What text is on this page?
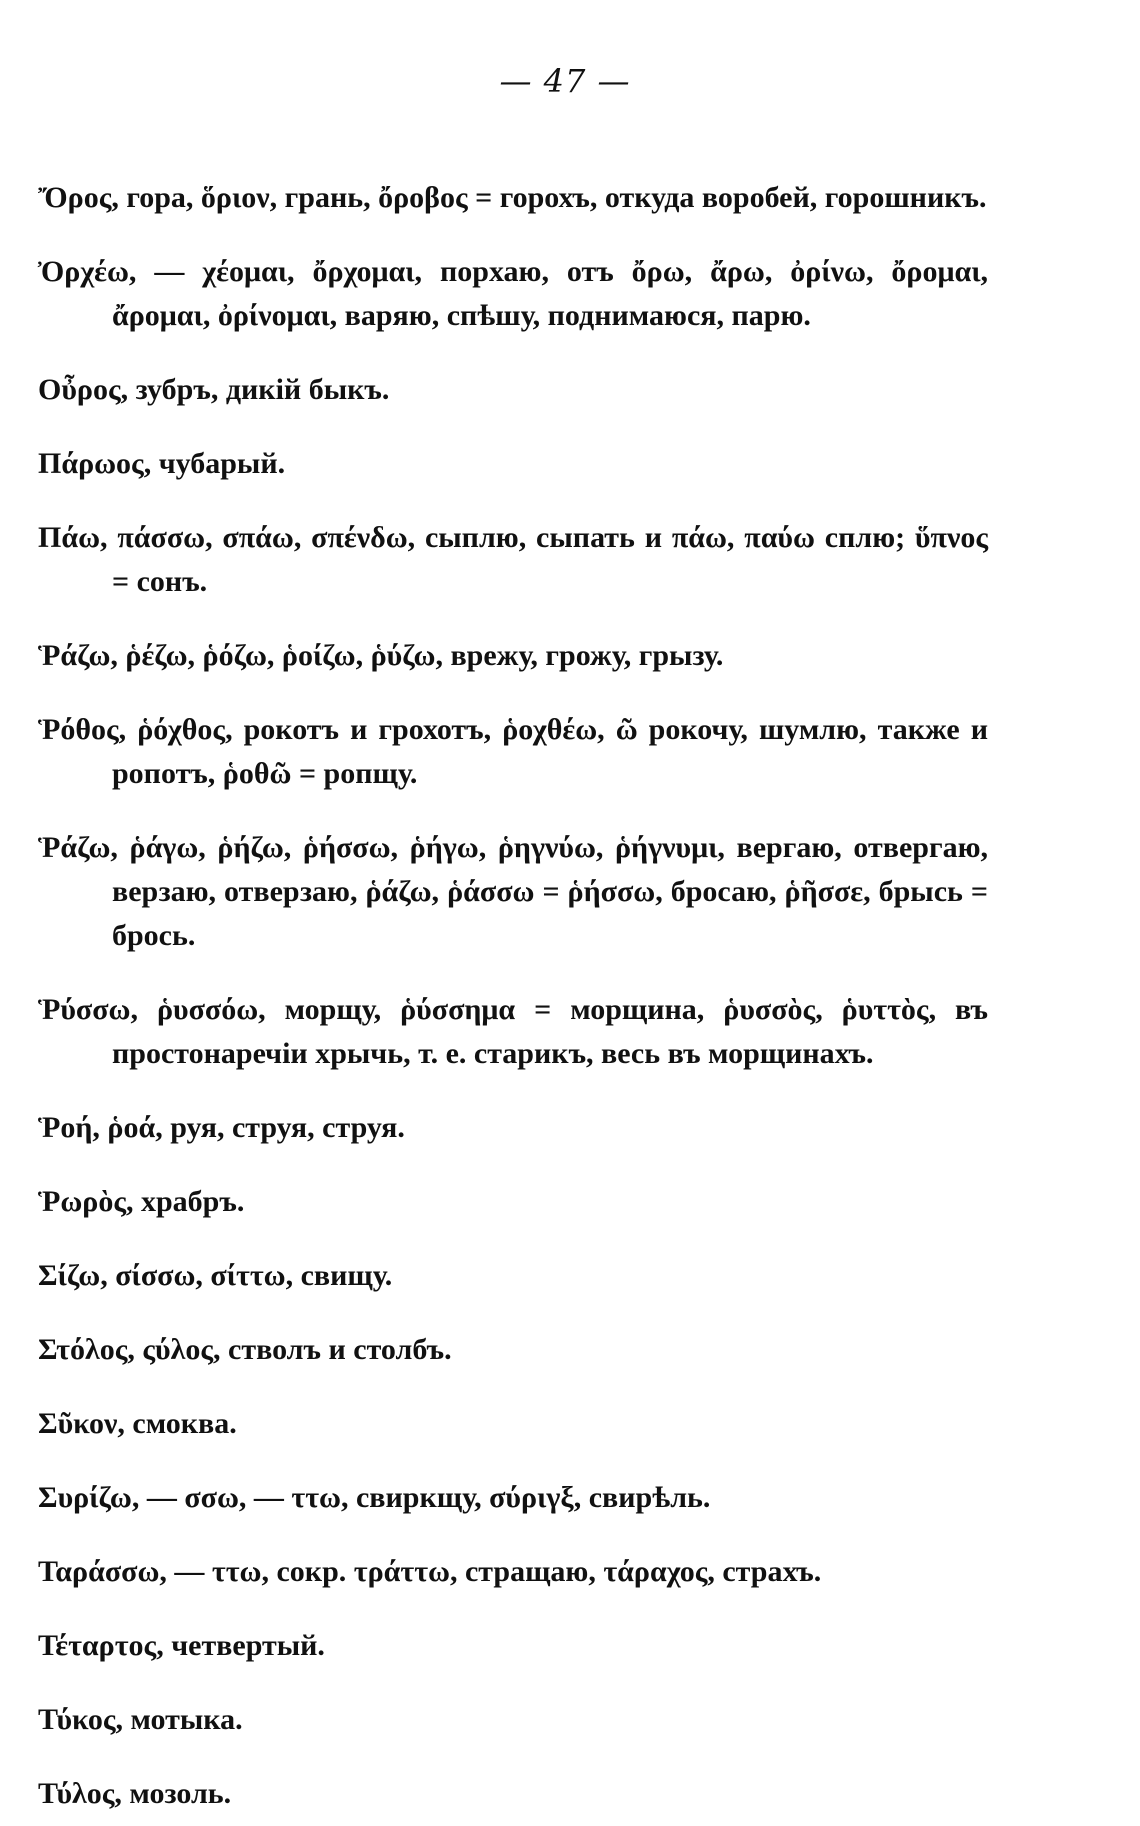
— 47 —

Ὄρος, гора, ὅριον, грань, ὄροβος = горохъ, откуда воробей, горошникъ.

Ὀρχέω, — χέομαι, ὄρχομαι, порхаю, отъ ὄρω, ἄρω, ὀρίνω, ὄρομαι, ἄρομαι, ὀρίνομαι, варяю, спѣшу, поднимаюся, парю.

Οὖρος, зубръ, дикій быкъ.

Πάρωος, чубарый.

Πάω, πάσσω, σπάω, σπένδω, сыплю, сыпать и πάω, παύω сплю; ὕπνος = сонъ.

Ῥάζω, ῥέζω, ῥόζω, ῥοίζω, ῥύζω, врежу, грожу, грызу.

Ῥόθος, ῥόχθος, рокотъ и грохотъ, ῥοχθέω, ῶ рокочу, шумлю, также и ропотъ, ῥοθῶ = ропщу.

Ῥάζω, ῥάγω, ῥήζω, ῥήσσω, ῥήγω, ῥηγνύω, ῥήγνυμι, вергаю, отвергаю, верзаю, отверзаю, ῥάζω, ῥάσσω = ῥήσσω, бросаю, ῥῆσσε, брысь = брось.

Ῥύσσω, ῥυσσόω, морщу, ῥύσσημα = морщина, ῥυσσὸς, ῥυττὸς, въ простонаречіи хрычь, т. е. старикъ, весь въ морщинахъ.

Ῥοή, ῥοά, руя, струя, струя.

Ῥωρὸς, храбръ.

Σίζω, σίσσω, σίττω, свищу.

Στόλος, ςύλος, стволъ и столбъ.

Σῦκον, смоква.

Συρίζω, — σσω, — ττω, свиркщу, σύριγξ, свирѣль.

Ταράσσω, — ττω, сокр. τράττω, стращаю, τάραχος, страхъ.

Τέταρτος, четвертый.

Τύκος, мотыка.

Τύλος, мозоль.
